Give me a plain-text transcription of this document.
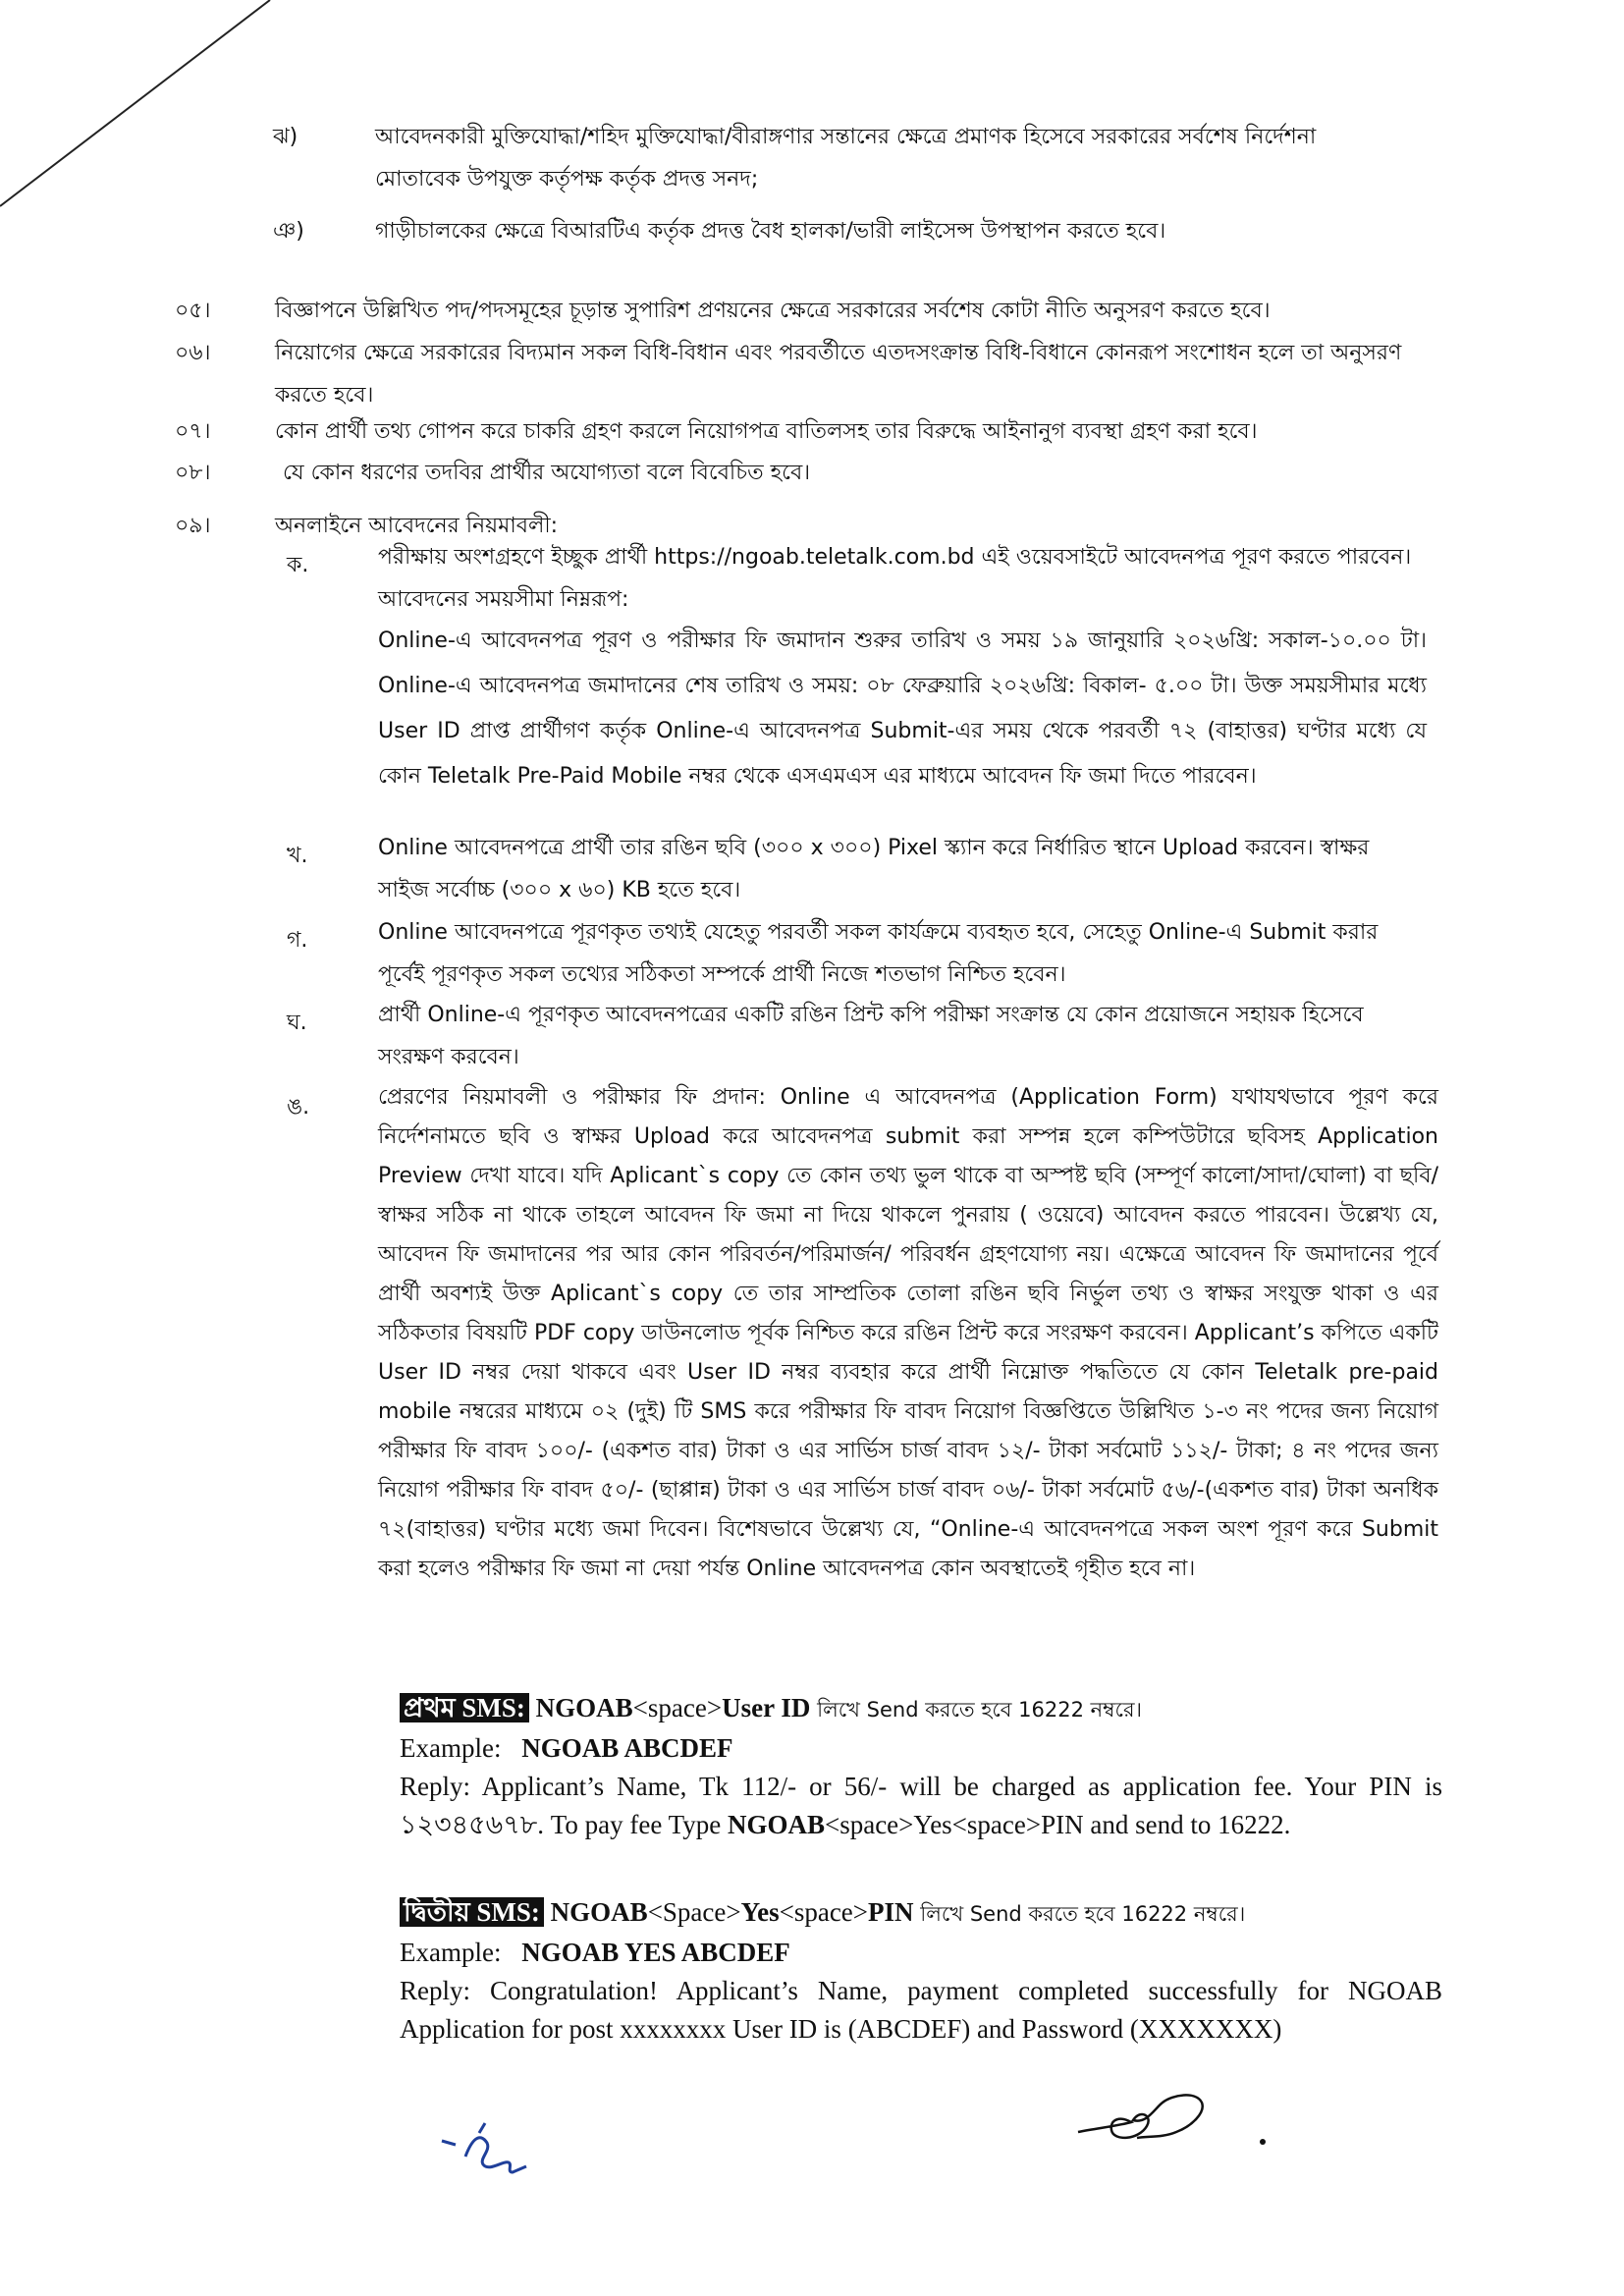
ঝ)	আবেদনকারী মুক্তিযোদ্ধা/শহিদ মুক্তিযোদ্ধা/বীরাঙ্গণার সন্তানের ক্ষেত্রে প্রমাণক হিসেবে সরকারের সর্বশেষ নির্দেশনা মোতাবেক উপযুক্ত কর্তৃপক্ষ কর্তৃক প্রদত্ত সনদ;
ঞ)	গাড়ীচালকের ক্ষেত্রে বিআরটিএ কর্তৃক প্রদত্ত বৈধ হালকা/ভারী লাইসেন্স উপস্থাপন করতে হবে।
০৫।	বিজ্ঞাপনে উল্লিখিত পদ/পদসমূহের চূড়ান্ত সুপারিশ প্রণয়নের ক্ষেত্রে সরকারের সর্বশেষ কোটা নীতি অনুসরণ করতে হবে।
০৬।	নিয়োগের ক্ষেত্রে সরকারের বিদ্যমান সকল বিধি-বিধান এবং পরবর্তীতে এতদসংক্রান্ত বিধি-বিধানে কোনরূপ সংশোধন হলে তা অনুসরণ করতে হবে।
০৭।	কোন প্রার্থী তথ্য গোপন করে চাকরি গ্রহণ করলে নিয়োগপত্র বাতিলসহ তার বিরুদ্ধে আইনানুগ ব্যবস্থা গ্রহণ করা হবে।
০৮।	যে কোন ধরণের তদবির প্রার্থীর অযোগ্যতা বলে বিবেচিত হবে।
০৯।	অনলাইনে আবেদনের নিয়মাবলী:
ক.	পরীক্ষায় অংশগ্রহণে ইচ্ছুক প্রার্থী https://ngoab.teletalk.com.bd এই ওয়েবসাইটে আবেদনপত্র পূরণ করতে পারবেন। আবেদনের সময়সীমা নিম্নরূপ:
Online-এ আবেদনপত্র পূরণ ও পরীক্ষার ফি জমাদান শুরুর তারিখ ও সময় ১৯ জানুয়ারি ২০২৬খ্রি: সকাল-১০.০০ টা। Online-এ আবেদনপত্র জমাদানের শেষ তারিখ ও সময়: ০৮ ফেব্রুয়ারি ২০২৬খ্রি: বিকাল- ৫.০০ টা। উক্ত সময়সীমার মধ্যে User ID প্রাপ্ত প্রার্থীগণ কর্তৃক Online-এ আবেদনপত্র Submit-এর সময় থেকে পরবর্তী ৭২ (বাহাত্তর) ঘণ্টার মধ্যে যে কোন Teletalk Pre-Paid Mobile নম্বর থেকে এসএমএস এর মাধ্যমে আবেদন ফি জমা দিতে পারবেন।
খ.	Online আবেদনপত্রে প্রার্থী তার রঙিন ছবি (৩০০ x ৩০০) Pixel স্ক্যান করে নির্ধারিত স্থানে Upload করবেন। স্বাক্ষর সাইজ সর্বোচ্চ (৩০০ x ৬০) KB হতে হবে।
গ.	Online আবেদনপত্রে পূরণকৃত তথ্যই যেহেতু পরবর্তী সকল কার্যক্রমে ব্যবহৃত হবে, সেহেতু Online-এ Submit করার পূর্বেই পূরণকৃত সকল তথ্যের সঠিকতা সম্পর্কে প্রার্থী নিজে শতভাগ নিশ্চিত হবেন।
ঘ.	প্রার্থী Online-এ পূরণকৃত আবেদনপত্রের একটি রঙিন প্রিন্ট কপি পরীক্ষা সংক্রান্ত যে কোন প্রয়োজনে সহায়ক হিসেবে সংরক্ষণ করবেন।
ঙ.	প্রেরণের নিয়মাবলী ও পরীক্ষার ফি প্রদান: Online এ আবেদনপত্র (Application Form) যথাযথভাবে পূরণ করে নির্দেশনামতে ছবি ও স্বাক্ষর Upload করে আবেদনপত্র submit করা সম্পন্ন হলে কম্পিউটারে ছবিসহ Application Preview দেখা যাবে। যদি Aplicant`s copy তে কোন তথ্য ভুল থাকে বা অস্পষ্ট ছবি (সম্পূর্ণ কালো/সাদা/ঘোলা) বা ছবি/স্বাক্ষর সঠিক না থাকে তাহলে আবেদন ফি জমা না দিয়ে থাকলে পুনরায় ( ওয়েবে) আবেদন করতে পারবেন। উল্লেখ্য যে, আবেদন ফি জমাদানের পর আর কোন পরিবর্তন/পরিমার্জন/ পরিবর্ধন গ্রহণযোগ্য নয়। এক্ষেত্রে আবেদন ফি জমাদানের পূর্বে প্রার্থী অবশ্যই উক্ত Aplicant`s copy তে তার সাম্প্রতিক তোলা রঙিন ছবি নির্ভুল তথ্য ও স্বাক্ষর সংযুক্ত থাকা ও এর সঠিকতার বিষয়টি PDF copy ডাউনলোড পূর্বক নিশ্চিত করে রঙিন প্রিন্ট করে সংরক্ষণ করবেন। Applicant’s কপিতে একটি User ID নম্বর দেয়া থাকবে এবং User ID নম্বর ব্যবহার করে প্রার্থী নিম্নোক্ত পদ্ধতিতে যে কোন Teletalk pre-paid mobile নম্বরের মাধ্যমে ০২ (দুই) টি SMS করে পরীক্ষার ফি বাবদ নিয়োগ বিজ্ঞপ্তিতে উল্লিখিত ১-৩ নং পদের জন্য নিয়োগ পরীক্ষার ফি বাবদ ১০০/- (একশত বার) টাকা ও এর সার্ভিস চার্জ বাবদ ১২/- টাকা সর্বমোট ১১২/- টাকা; ৪ নং পদের জন্য নিয়োগ পরীক্ষার ফি বাবদ ৫০/- (ছাপ্পান্ন) টাকা ও এর সার্ভিস চার্জ বাবদ ০৬/- টাকা সর্বমোট ৫৬/-(একশত বার) টাকা অনধিক ৭২(বাহাত্তর) ঘণ্টার মধ্যে জমা দিবেন। বিশেষভাবে উল্লেখ্য যে, “Online-এ আবেদনপত্রে সকল অংশ পূরণ করে Submit করা হলেও পরীক্ষার ফি জমা না দেয়া পর্যন্ত Online আবেদনপত্র কোন অবস্থাতেই গৃহীত হবে না।
প্রথম SMS: NGOAB<space>User ID লিখে Send করতে হবে 16222 নম্বরে।
Example: NGOAB ABCDEF
Reply: Applicant’s Name, Tk 112/- or 56/- will be charged as application fee. Your PIN is ১২৩৪৫৬৭৮. To pay fee Type NGOAB<space>Yes<space>PIN and send to 16222.
দ্বিতীয় SMS: NGOAB<Space>Yes<space>PIN লিখে Send করতে হবে 16222 নম্বরে।
Example: NGOAB YES ABCDEF
Reply: Congratulation! Applicant’s Name, payment completed successfully for NGOAB Application for post xxxxxxxx User ID is (ABCDEF) and Password (XXXXXXX)
